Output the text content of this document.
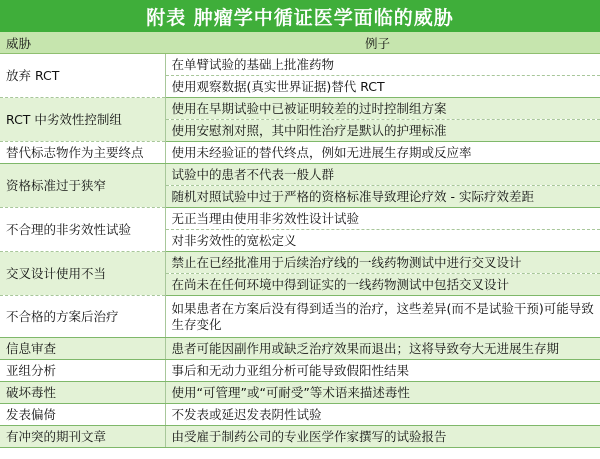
附表 肿瘤学中循证医学面临的威胁
威胁	例子
放弃 RCT	在单臂试验的基础上批准药物
	使用观察数据(真实世界证据)替代 RCT
RCT 中劣效性控制组	使用在早期试验中已被证明较差的过时控制组方案
	使用安慰剂对照，其中阳性治疗是默认的护理标准
替代标志物作为主要终点	使用未经验证的替代终点，例如无进展生存期或反应率
资格标准过于狭窄	试验中的患者不代表一般人群
	随机对照试验中过于严格的资格标准导致理论疗效 - 实际疗效差距
不合理的非劣效性试验	无正当理由使用非劣效性设计试验
	对非劣效性的宽松定义
交叉设计使用不当	禁止在已经批准用于后续治疗线的一线药物测试中进行交叉设计
	在尚未在任何环境中得到证实的一线药物测试中包括交叉设计
不合格的方案后治疗	如果患者在方案后没有得到适当的治疗，这些差异(而不是试验干预)可能导致生存变化
信息审查	患者可能因副作用或缺乏治疗效果而退出；这将导致夸大无进展生存期
亚组分析	事后和无动力亚组分析可能导致假阳性结果
破坏毒性	使用“可管理”或“可耐受”等术语来描述毒性
发表偏倚	不发表或延迟发表阴性试验
有冲突的期刊文章	由受雇于制药公司的专业医学作家撰写的试验报告
